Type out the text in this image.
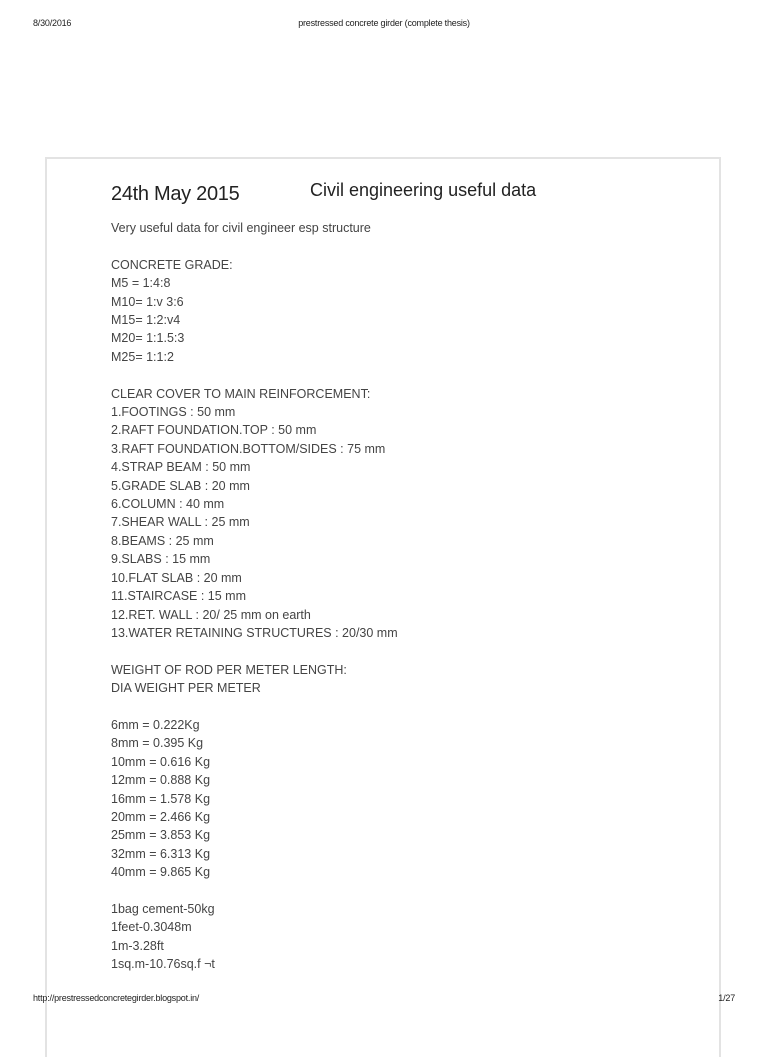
8/30/2016	prestressed concrete girder (complete thesis)
24th May 2015	Civil engineering useful data
Very useful data for civil engineer esp structure
CONCRETE GRADE:
M5 = 1:4:8
M10= 1:v 3:6
M15= 1:2:v4
M20= 1:1.5:3
M25= 1:1:2
CLEAR COVER TO MAIN REINFORCEMENT:
1.FOOTINGS : 50 mm
2.RAFT FOUNDATION.TOP : 50 mm
3.RAFT FOUNDATION.BOTTOM/SIDES : 75 mm
4.STRAP BEAM : 50 mm
5.GRADE SLAB : 20 mm
6.COLUMN : 40 mm
7.SHEAR WALL : 25 mm
8.BEAMS : 25 mm
9.SLABS : 15 mm
10.FLAT SLAB : 20 mm
11.STAIRCASE : 15 mm
12.RET. WALL : 20/ 25 mm on earth
13.WATER RETAINING STRUCTURES : 20/30 mm
WEIGHT OF ROD PER METER LENGTH:
DIA WEIGHT PER METER
6mm = 0.222Kg
8mm = 0.395 Kg
10mm = 0.616 Kg
12mm = 0.888 Kg
16mm = 1.578 Kg
20mm = 2.466 Kg
25mm = 3.853 Kg
32mm = 6.313 Kg
40mm = 9.865 Kg
1bag cement-50kg
1feet-0.3048m
1m-3.28ft
1sq.m-10.76sq.f ¬t
http://prestressedconcretegirder.blogspot.in/	1/27
